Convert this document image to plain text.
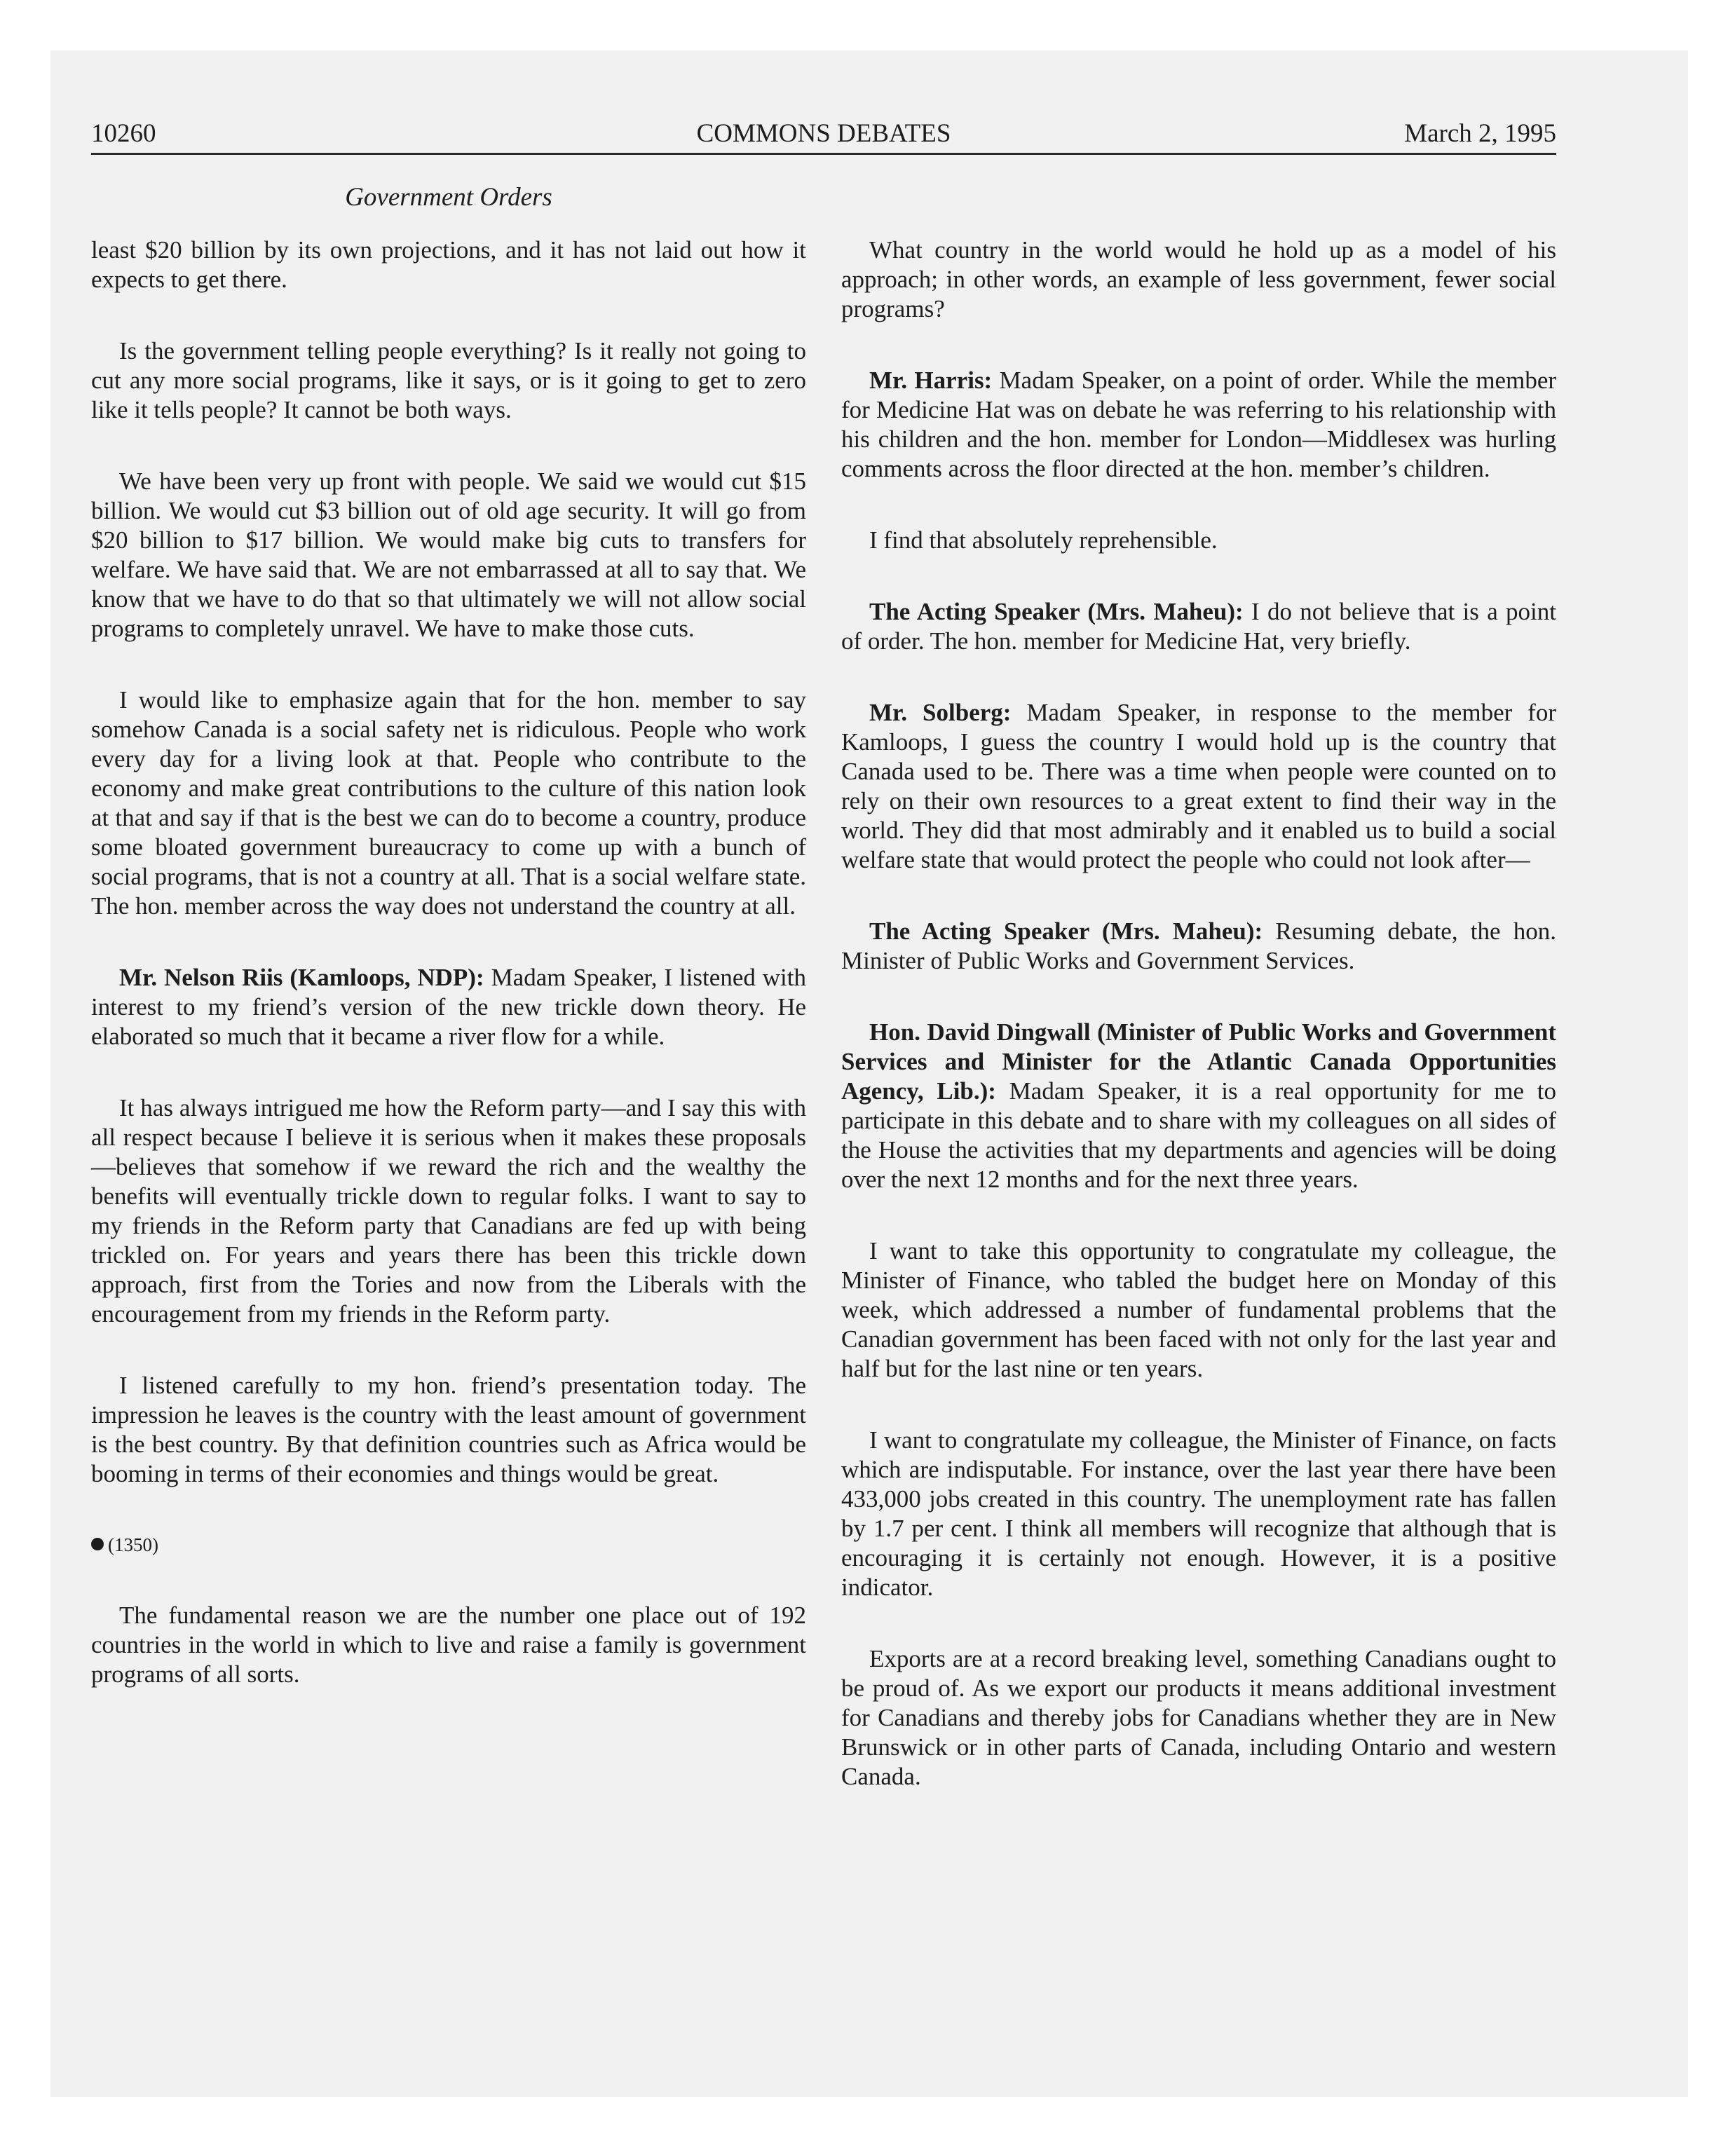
10260	COMMONS DEBATES	March 2, 1995
Government Orders

least $20 billion by its own projections, and it has not laid out how it expects to get there.

Is the government telling people everything? Is it really not going to cut any more social programs, like it says, or is it going to get to zero like it tells people? It cannot be both ways.

We have been very up front with people. We said we would cut $15 billion. We would cut $3 billion out of old age security. It will go from $20 billion to $17 billion. We would make big cuts to transfers for welfare. We have said that. We are not embarrassed at all to say that. We know that we have to do that so that ultimately we will not allow social programs to completely unravel. We have to make those cuts.

I would like to emphasize again that for the hon. member to say somehow Canada is a social safety net is ridiculous. People who work every day for a living look at that. People who contribute to the economy and make great contributions to the culture of this nation look at that and say if that is the best we can do to become a country, produce some bloated government bureaucracy to come up with a bunch of social programs, that is not a country at all. That is a social welfare state. The hon. member across the way does not understand the country at all.

Mr. Nelson Riis (Kamloops, NDP): Madam Speaker, I listened with interest to my friend’s version of the new trickle down theory. He elaborated so much that it became a river flow for a while.

It has always intrigued me how the Reform party—and I say this with all respect because I believe it is serious when it makes these proposals—believes that somehow if we reward the rich and the wealthy the benefits will eventually trickle down to regular folks. I want to say to my friends in the Reform party that Canadians are fed up with being trickled on. For years and years there has been this trickle down approach, first from the Tories and now from the Liberals with the encouragement from my friends in the Reform party.

I listened carefully to my hon. friend’s presentation today. The impression he leaves is the country with the least amount of government is the best country. By that definition countries such as Africa would be booming in terms of their economies and things would be great.

(1350)

The fundamental reason we are the number one place out of 192 countries in the world in which to live and raise a family is government programs of all sorts.

What country in the world would he hold up as a model of his approach; in other words, an example of less government, fewer social programs?

Mr. Harris: Madam Speaker, on a point of order. While the member for Medicine Hat was on debate he was referring to his relationship with his children and the hon. member for London—Middlesex was hurling comments across the floor directed at the hon. member’s children.

I find that absolutely reprehensible.

The Acting Speaker (Mrs. Maheu): I do not believe that is a point of order. The hon. member for Medicine Hat, very briefly.

Mr. Solberg: Madam Speaker, in response to the member for Kamloops, I guess the country I would hold up is the country that Canada used to be. There was a time when people were counted on to rely on their own resources to a great extent to find their way in the world. They did that most admirably and it enabled us to build a social welfare state that would protect the people who could not look after—

The Acting Speaker (Mrs. Maheu): Resuming debate, the hon. Minister of Public Works and Government Services.

Hon. David Dingwall (Minister of Public Works and Government Services and Minister for the Atlantic Canada Opportunities Agency, Lib.): Madam Speaker, it is a real opportunity for me to participate in this debate and to share with my colleagues on all sides of the House the activities that my departments and agencies will be doing over the next 12 months and for the next three years.

I want to take this opportunity to congratulate my colleague, the Minister of Finance, who tabled the budget here on Monday of this week, which addressed a number of fundamental problems that the Canadian government has been faced with not only for the last year and half but for the last nine or ten years.

I want to congratulate my colleague, the Minister of Finance, on facts which are indisputable. For instance, over the last year there have been 433,000 jobs created in this country. The unemployment rate has fallen by 1.7 per cent. I think all members will recognize that although that is encouraging it is certainly not enough. However, it is a positive indicator.

Exports are at a record breaking level, something Canadians ought to be proud of. As we export our products it means additional investment for Canadians and thereby jobs for Canadians whether they are in New Brunswick or in other parts of Canada, including Ontario and western Canada.
